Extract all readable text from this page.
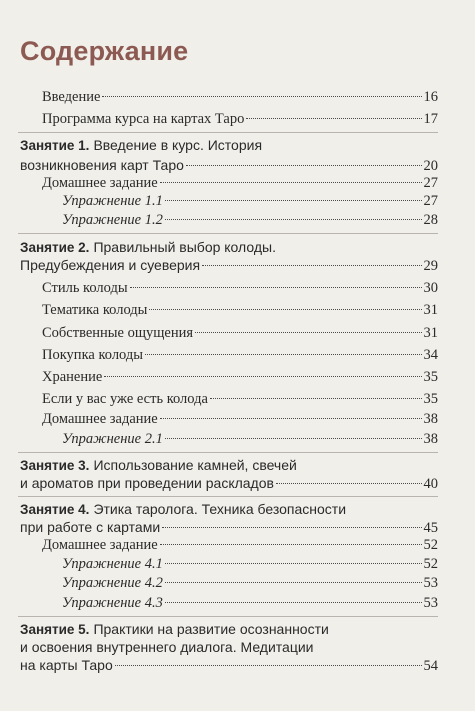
Содержание
Введение	16
Программа курса на картах Таро	17
Занятие 1. Введение в курс. История
возникновения карт Таро	20
Домашнее задание	27
Упражнение 1.1	27
Упражнение 1.2	28
Занятие 2. Правильный выбор колоды.
Предубеждения и суеверия	29
Стиль колоды	30
Тематика колоды	31
Собственные ощущения	31
Покупка колоды	34
Хранение	35
Если у вас уже есть колода	35
Домашнее задание	38
Упражнение 2.1	38
Занятие 3. Использование камней, свечей
и ароматов при проведении раскладов	40
Занятие 4. Этика таролога. Техника безопасности
при работе с картами	45
Домашнее задание	52
Упражнение 4.1	52
Упражнение 4.2	53
Упражнение 4.3	53
Занятие 5. Практики на развитие осознанности
и освоения внутреннего диалога. Медитации
на карты Таро	54
